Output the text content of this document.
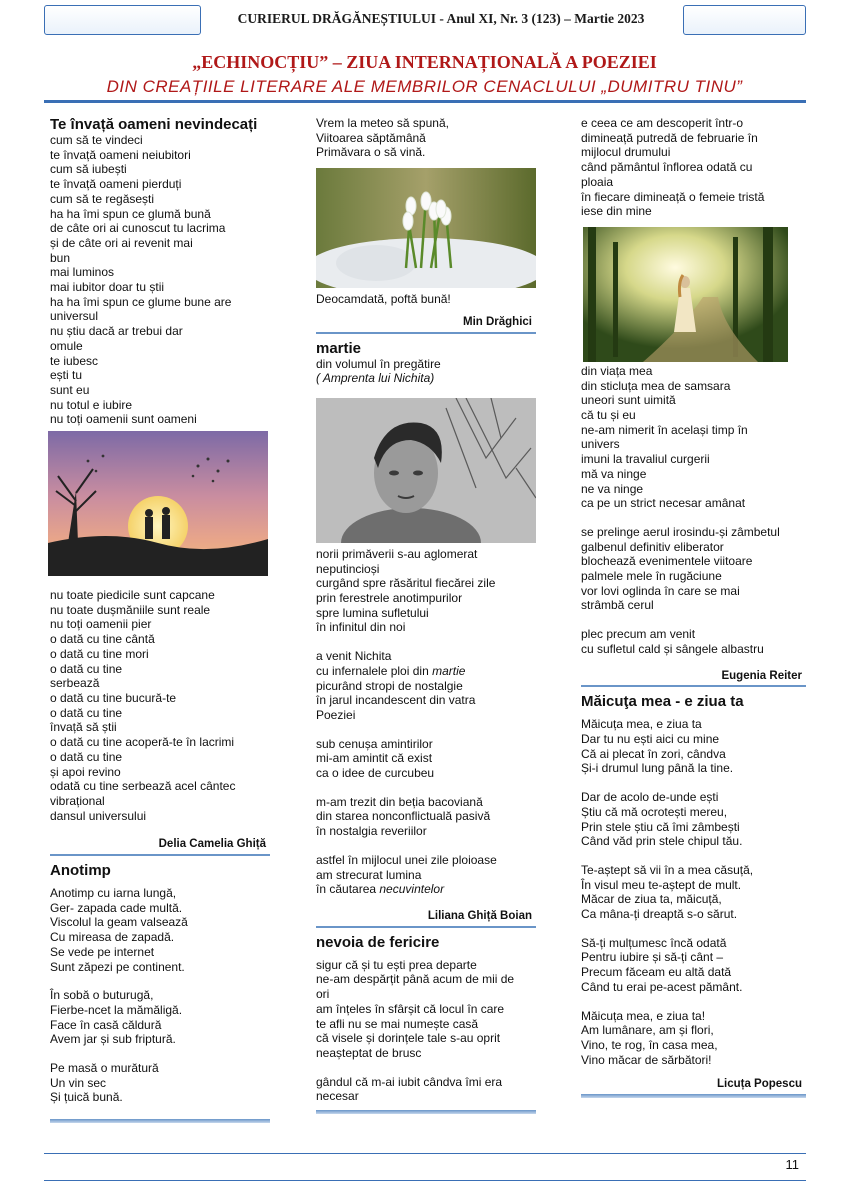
CURIERUL DRĂGĂNEȘTIULUI - Anul XI, Nr. 3 (123) – Martie 2023
„ECHINOCȚIU” – ZIUA INTERNAȚIONALĂ A POEZIEI
DIN CREAȚIILE LITERARE ALE MEMBRILOR CENACLULUI „DUMITRU TINU”
Te învață oameni nevindecați
cum să te vindeci
te învață oameni neiubitori
cum să iubești
te învață oameni pierduți
cum să te regăsești
ha ha îmi spun ce glumă bună
de câte ori ai cunoscut tu lacrima
și de câte ori ai revenit mai
bun
mai luminos
mai iubitor doar tu știi
ha ha îmi spun ce glume bune are
universul
nu știu dacă ar trebui dar
omule
te iubesc
ești tu
sunt eu
nu totul e iubire
nu toți oamenii sunt oameni
nu toate piedicile sunt capcane
nu toate dușmăniile sunt reale
nu toți oamenii pier
o dată cu tine cântă
o dată cu tine mori
o dată cu tine
serbează
o dată cu tine bucură-te
o dată cu tine
învață să știi
o dată cu tine acoperă-te în lacrimi
o dată cu tine
și apoi revino
odată cu tine serbează acel cântec
vibrațional
dansul universului
Delia Camelia Ghiță
Anotimp
Anotimp cu iarna lungă,
Ger- zapada cade multă.
Viscolul la geam valsează
Cu mireasa de zapadă.
Se vede pe internet
Sunt zăpezi pe continent.
În sobă o buturugă,
Fierbe-ncet la mămăligă.
Face în casă căldură
Avem jar și sub friptură.
Pe masă o murătură
Un vin sec
Și țuică bună.
Vrem la meteo să spună,
Viitoarea săptămână
Primăvara o să vină.
Deocamdată, poftă bună!
Min Drăghici
martie
din volumul în pregătire
( Amprenta lui Nichita)
norii primăverii s-au aglomerat
neputincioși
curgând spre răsăritul fiecărei zile
prin ferestrele anotimpurilor
spre lumina sufletului
în infinitul din noi
a venit Nichita
cu infernalele ploi din martie
picurând stropi de nostalgie
în jarul incandescent din vatra
Poeziei
sub cenușa amintirilor
mi-am amintit că exist
ca o idee de curcubeu
m-am trezit din beția bacoviană
din starea nonconflictuală pasivă
în nostalgia reveriilor
astfel în mijlocul unei zile ploioase
am strecurat lumina
în căutarea necuvintelor
Liliana Ghiță Boian
nevoia de fericire
sigur că și tu ești prea departe
ne-am despărțit până acum de mii de
ori
am înțeles în sfârșit că locul în care
te afli nu se mai numește casă
că visele și dorințele tale s-au oprit
neașteptat de brusc
gândul că m-ai iubit cândva îmi era
necesar
e ceea ce am descoperit într-o
dimineață putredă de februarie în
mijlocul drumului
când pământul înflorea odată cu
ploaia
în fiecare dimineață o femeie tristă
iese din mine
din viața mea
din sticluța mea de samsara
uneori sunt uimită
că tu și eu
ne-am nimerit în același timp în
univers
imuni la travaliul curgerii
mă va ninge
ne va ninge
ca pe un strict necesar amânat
se prelinge aerul irosindu-și zâmbetul
galbenul definitiv eliberator
blochează evenimentele viitoare
palmele mele în rugăciune
vor lovi oglinda în care se mai
strâmbă cerul
plec precum am venit
cu sufletul cald și sângele albastru
Eugenia Reiter
Măicuţa mea - e ziua ta
Măicuța mea, e ziua ta
Dar tu nu ești aici cu mine
Că ai plecat în zori, cândva
Și-i drumul lung până la tine.
Dar de acolo de-unde ești
Știu că mă ocrotești mereu,
Prin stele știu că îmi zâmbești
Când văd prin stele chipul tău.
Te-aștept să vii în a mea căsuță,
În visul meu te-aștept de mult.
Măcar de ziua ta, măicuță,
Ca mâna-ți dreaptă s-o sărut.
Să-ți mulțumesc încă odată
Pentru iubire și să-ți cânt –
Precum făceam eu altă dată
Când tu erai pe-acest pământ.
Măicuța mea, e ziua ta!
Am lumânare, am și flori,
Vino, te rog, în casa mea,
Vino măcar de sărbători!
Licuța Popescu
11
